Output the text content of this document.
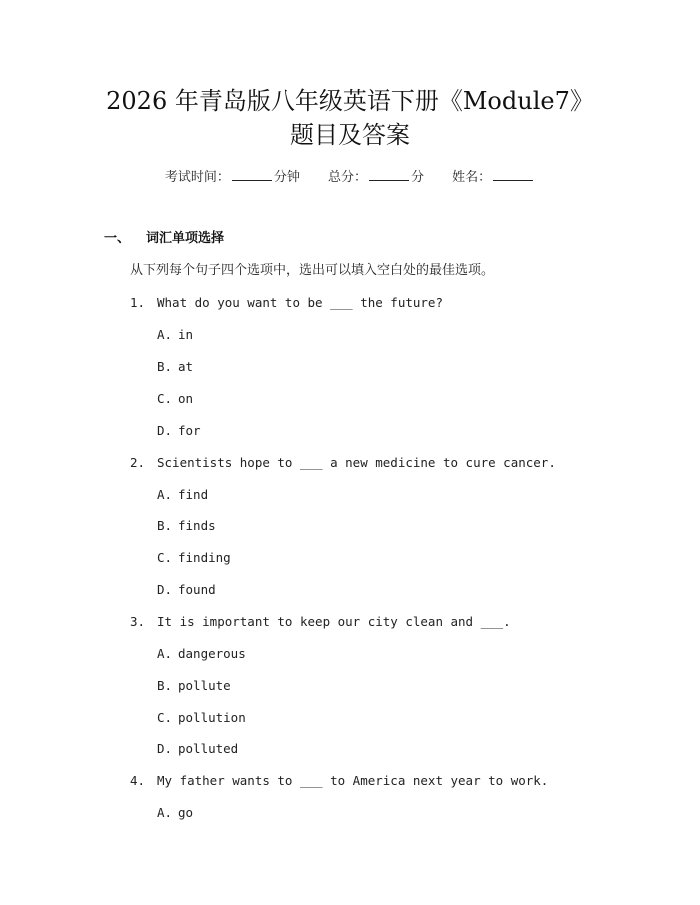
2026 年青岛版八年级英语下册《Module7》
题目及答案
考试时间：	分钟 总分：	分 姓名：
一、 词汇单项选择
从下列每个句子四个选项中，选出可以填入空白处的最佳选项。
1. What do you want to be ___ the future?
A. in
B. at
C. on
D. for
2. Scientists hope to ___ a new medicine to cure cancer.
A. find
B. finds
C. finding
D. found
3. It is important to keep our city clean and ___.
A. dangerous
B. pollute
C. pollution
D. polluted
4. My father wants to ___ to America next year to work.
A. go
